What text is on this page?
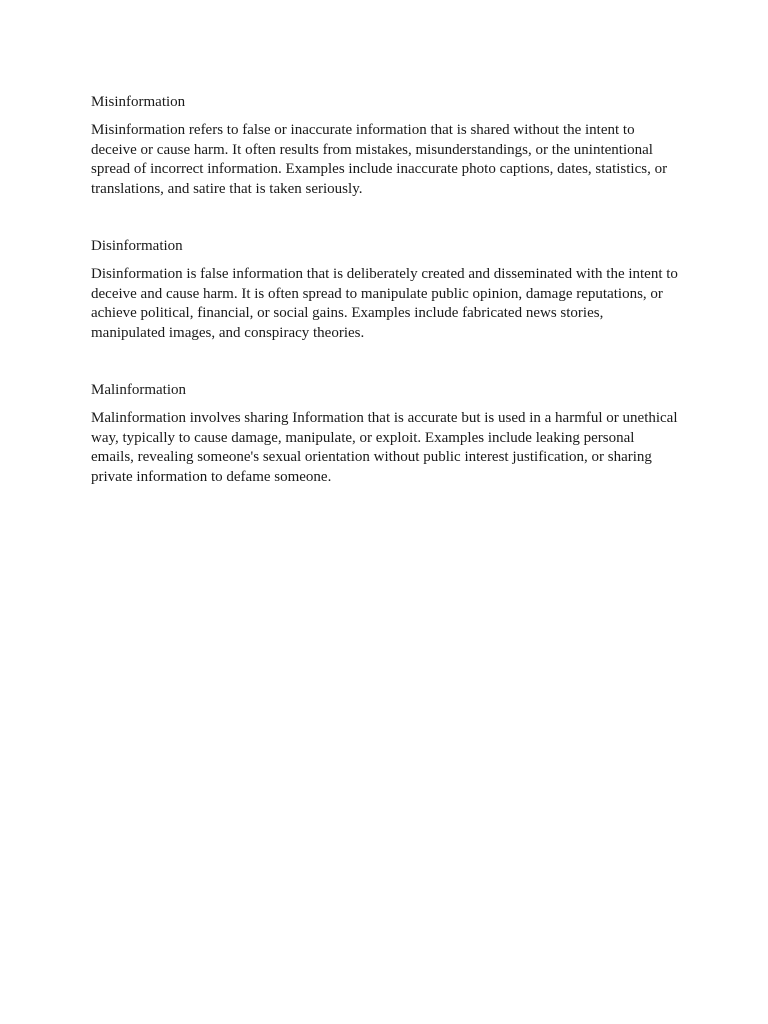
Misinformation

Misinformation refers to false or inaccurate information that is shared without the intent to deceive or cause harm. It often results from mistakes, misunderstandings, or the unintentional spread of incorrect information. Examples include inaccurate photo captions, dates, statistics, or translations, and satire that is taken seriously.

Disinformation

Disinformation is false information that is deliberately created and disseminated with the intent to deceive and cause harm. It is often spread to manipulate public opinion, damage reputations, or achieve political, financial, or social gains. Examples include fabricated news stories, manipulated images, and conspiracy theories.

Malinformation

Malinformation involves sharing Information that is accurate but is used in a harmful or unethical way, typically to cause damage, manipulate, or exploit. Examples include leaking personal emails, revealing someone's sexual orientation without public interest justification, or sharing private information to defame someone.
